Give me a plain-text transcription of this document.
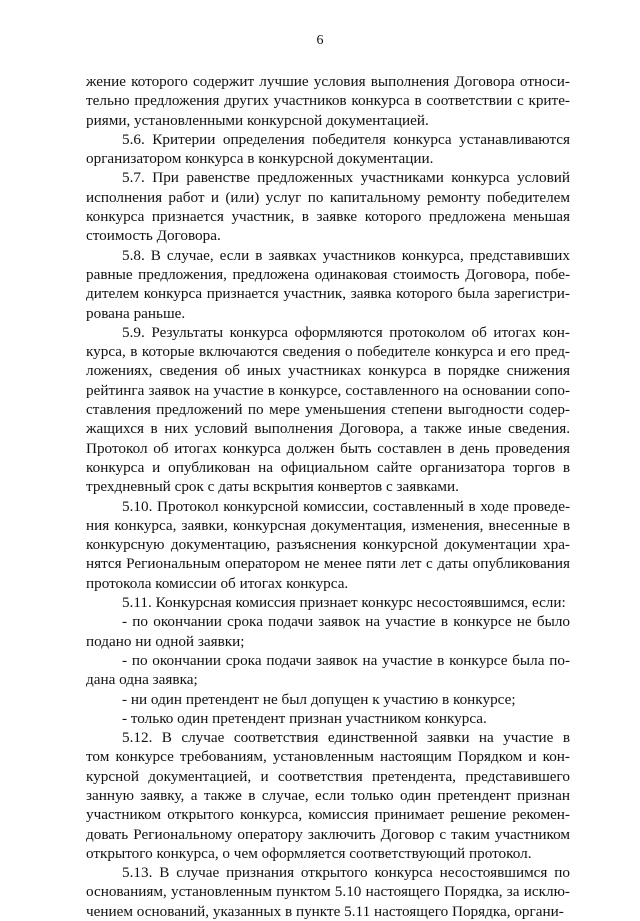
6
жение которого содержит лучшие условия выполнения Договора относи-
тельно предложения других участников конкурса в соответствии с крите-
риями, установленными конкурсной документацией.
5.6. Критерии определения победителя конкурса устанавливаются
организатором конкурса в конкурсной документации.
5.7. При равенстве предложенных участниками конкурса условий
исполнения работ и (или) услуг по капитальному ремонту победителем
конкурса признается участник, в заявке которого предложена меньшая
стоимость Договора.
5.8. В случае, если в заявках участников конкурса, представивших
равные предложения, предложена одинаковая стоимость Договора, побе-
дителем конкурса признается участник, заявка которого была зарегистри-
рована раньше.
5.9. Результаты конкурса оформляются протоколом об итогах кон-
курса, в которые включаются сведения о победителе конкурса и его пред-
ложениях, сведения об иных участниках конкурса в порядке снижения
рейтинга заявок на участие в конкурсе, составленного на основании сопо-
ставления предложений по мере уменьшения степени выгодности содер-
жащихся в них условий выполнения Договора, а также иные сведения.
Протокол об итогах конкурса должен быть составлен в день проведения
конкурса и опубликован на официальном сайте организатора торгов в
трехдневный срок с даты вскрытия конвертов с заявками.
5.10. Протокол конкурсной комиссии, составленный в ходе проведе-
ния конкурса, заявки, конкурсная документация, изменения, внесенные в
конкурсную документацию, разъяснения конкурсной документации хра-
нятся Региональным оператором не менее пяти лет с даты опубликования
протокола комиссии об итогах конкурса.
5.11. Конкурсная комиссия признает конкурс несостоявшимся, если:
- по окончании срока подачи заявок на участие в конкурсе не было
подано ни одной заявки;
- по окончании срока подачи заявок на участие в конкурсе была по-
дана одна заявка;
- ни один претендент не был допущен к участию в конкурсе;
- только один претендент признан участником конкурса.
5.12. В случае соответствия единственной заявки на участие в
том конкурсе требованиям, установленным настоящим Порядком и кон-
курсной документацией, и соответствия претендента, представившего
занную заявку, а также в случае, если только один претендент признан
участником открытого конкурса, комиссия принимает решение рекомен-
довать Региональному оператору заключить Договор с таким участником
открытого конкурса, о чем оформляется соответствующий протокол.
5.13. В случае признания открытого конкурса несостоявшимся по
основаниям, установленным пунктом 5.10 настоящего Порядка, за исклю-
чением оснований, указанных в пункте 5.11 настоящего Порядка, органи-
